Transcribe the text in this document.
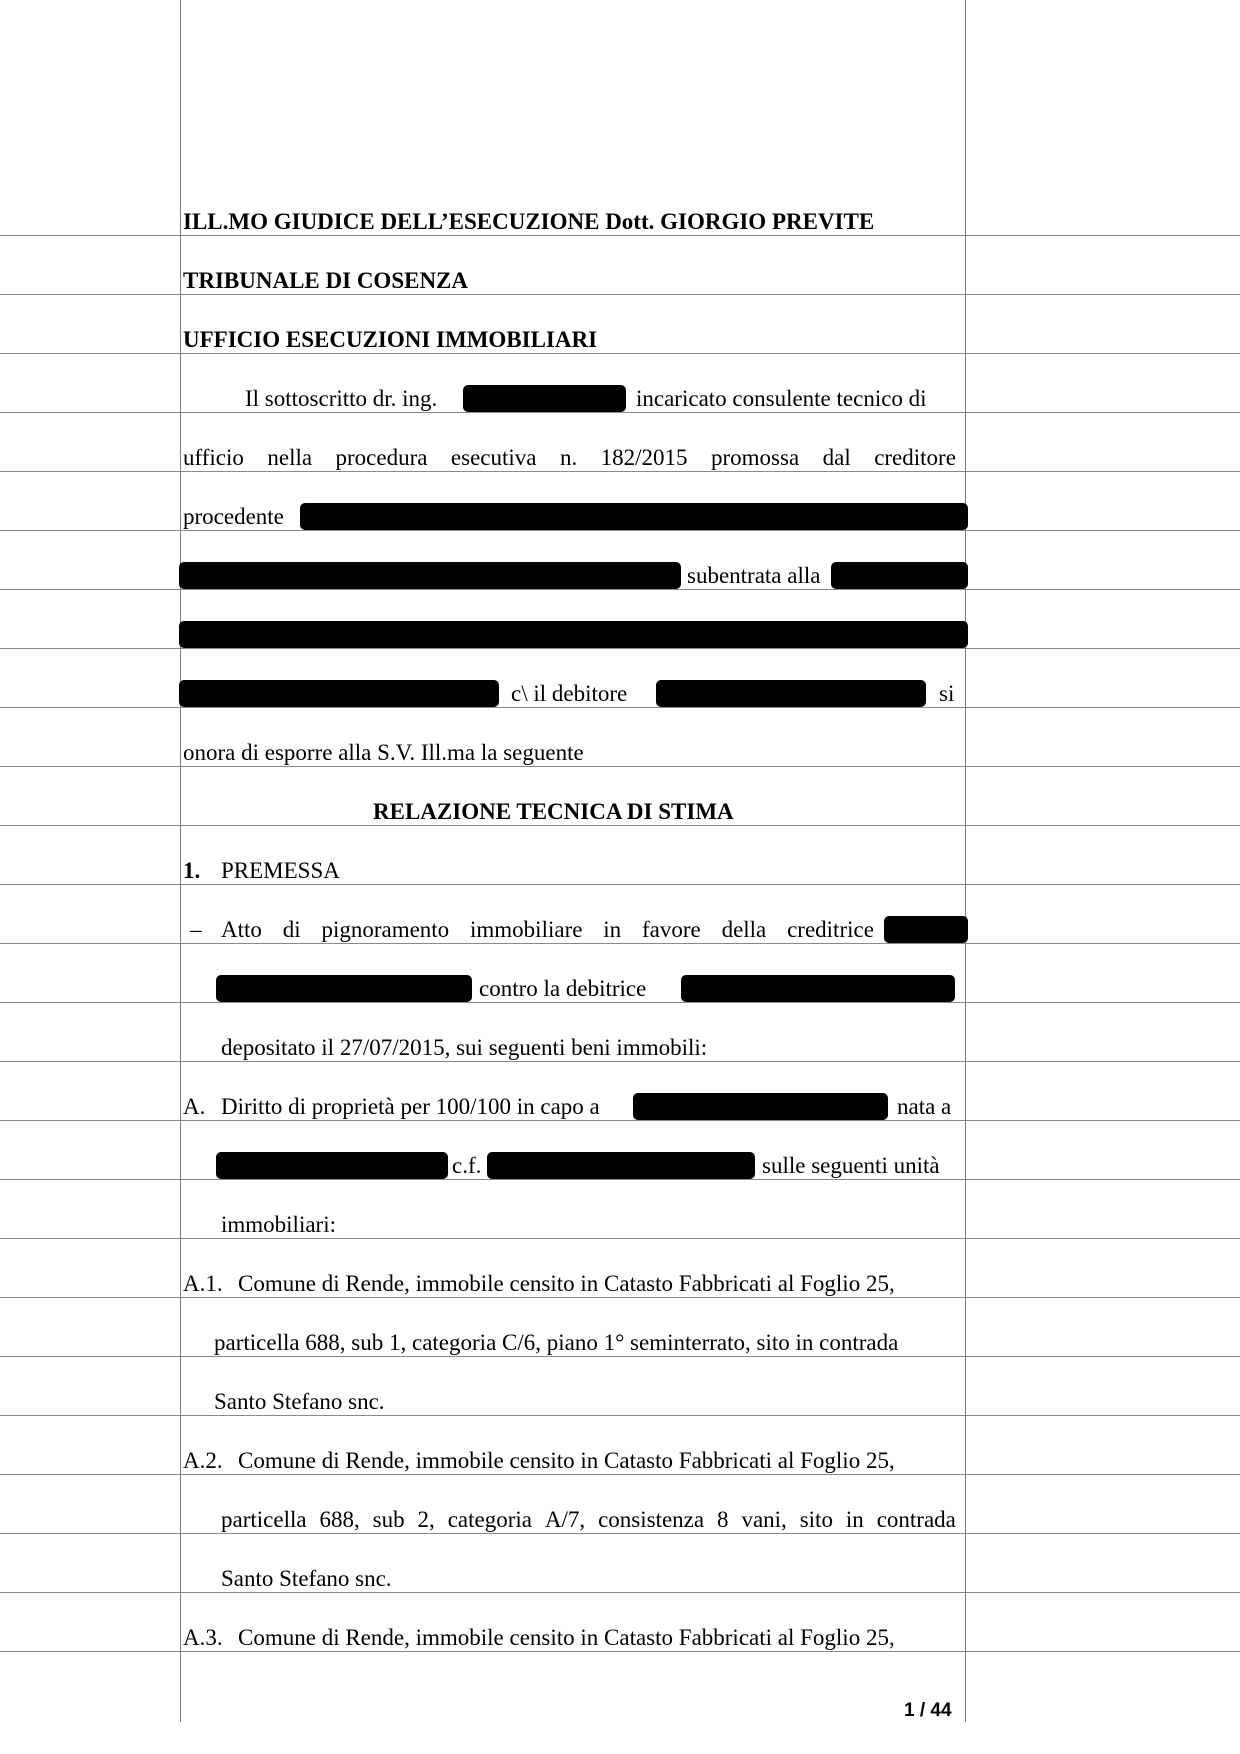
ILL.MO GIUDICE DELL’ESECUZIONE Dott. GIORGIO PREVITE
TRIBUNALE DI COSENZA
UFFICIO ESECUZIONI IMMOBILIARI
Il sottoscritto dr. ing.	incaricato consulente tecnico di
ufficio nella procedura esecutiva n. 182/2015 promossa dal creditore
procedente
subentrata alla
c\ il debitore	si
onora di esporre alla S.V. Ill.ma la seguente
RELAZIONE TECNICA DI STIMA
1. PREMESSA
– Atto di pignoramento immobiliare in favore della creditrice
contro la debitrice
depositato il 27/07/2015, sui seguenti beni immobili:
A. Diritto di proprietà per 100/100 in capo a	nata a
c.f.	sulle seguenti unità
immobiliari:
A.1. Comune di Rende, immobile censito in Catasto Fabbricati al Foglio 25,
particella 688, sub 1, categoria C/6, piano 1° seminterrato, sito in contrada
Santo Stefano snc.
A.2. Comune di Rende, immobile censito in Catasto Fabbricati al Foglio 25,
particella 688, sub 2, categoria A/7, consistenza 8 vani, sito in contrada
Santo Stefano snc.
A.3. Comune di Rende, immobile censito in Catasto Fabbricati al Foglio 25,
1 / 44
